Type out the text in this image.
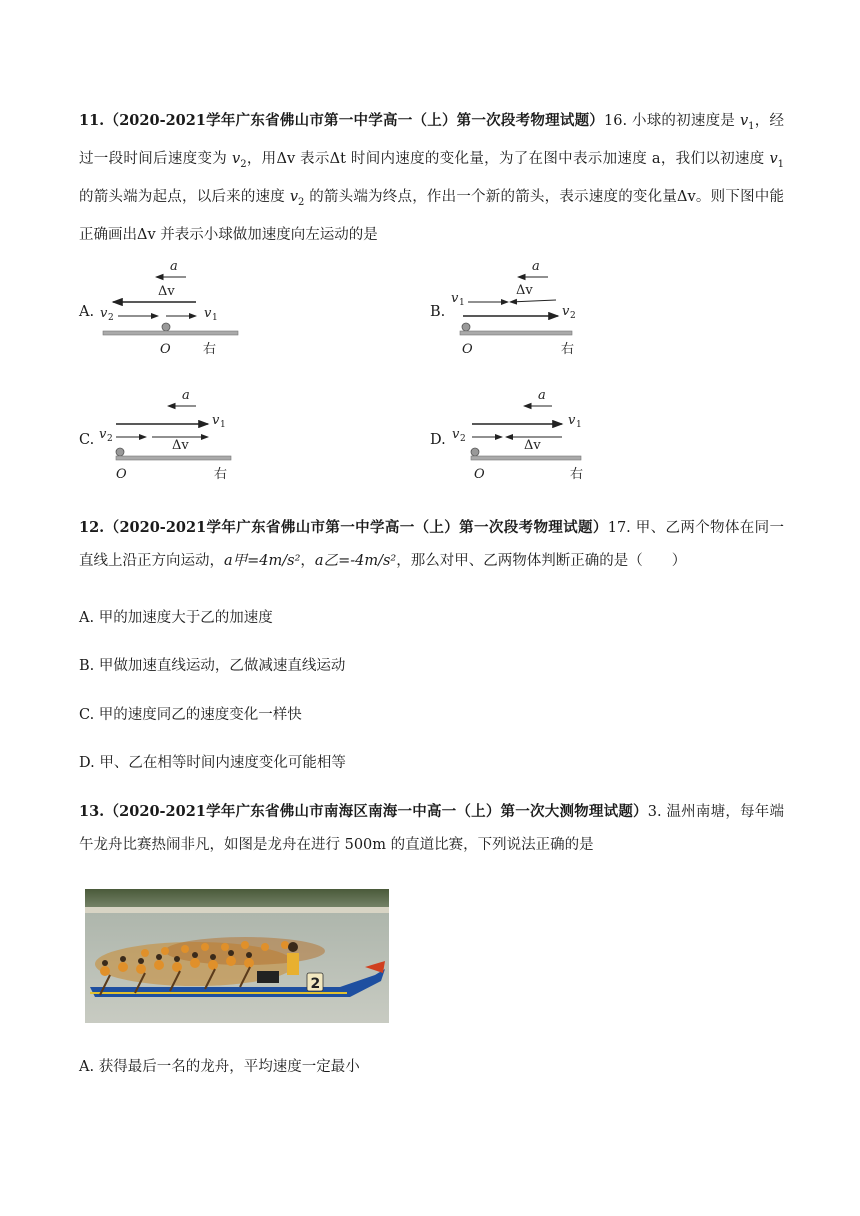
11.（2020-2021学年广东省佛山市第一中学高一（上）第一次段考物理试题）16. 小球的初速度是 $v_1$，经过一段时间后速度变为 $v_2$，用Δv 表示Δt 时间内速度的变化量，为了在图中表示加速度 a，我们以初速度 $v_1$ 的箭头端为起点，以后来的速度 $v_2$ 的箭头端为终点，作出一个新的箭头，表示速度的变化量Δv。则下图中能正确画出Δv 并表示小球做加速度向左运动的是
A.
a
Δv
v 2	v 1
O 右
B.
a
Δv
v 1
v 2
O	右
C.
a
v 1
v 2	Δv
O	右
D.
a
v 1
v 2	Δv
O	右
12.（2020-2021学年广东省佛山市第一中学高一（上）第一次段考物理试题）17. 甲、乙两个物体在同一直线上沿正方向运动，a甲=4m/s²，a乙=-4m/s²，那么对甲、乙两物体判断正确的是（　　）
A. 甲的加速度大于乙的加速度
B. 甲做加速直线运动，乙做减速直线运动
C. 甲的速度同乙的速度变化一样快
D. 甲、乙在相等时间内速度变化可能相等
13.（2020-2021学年广东省佛山市南海区南海一中高一（上）第一次大测物理试题）3. 温州南塘，每年端午龙舟比赛热闹非凡，如图是龙舟在进行 500m 的直道比赛，下列说法正确的是
2
A. 获得最后一名的龙舟，平均速度一定最小
